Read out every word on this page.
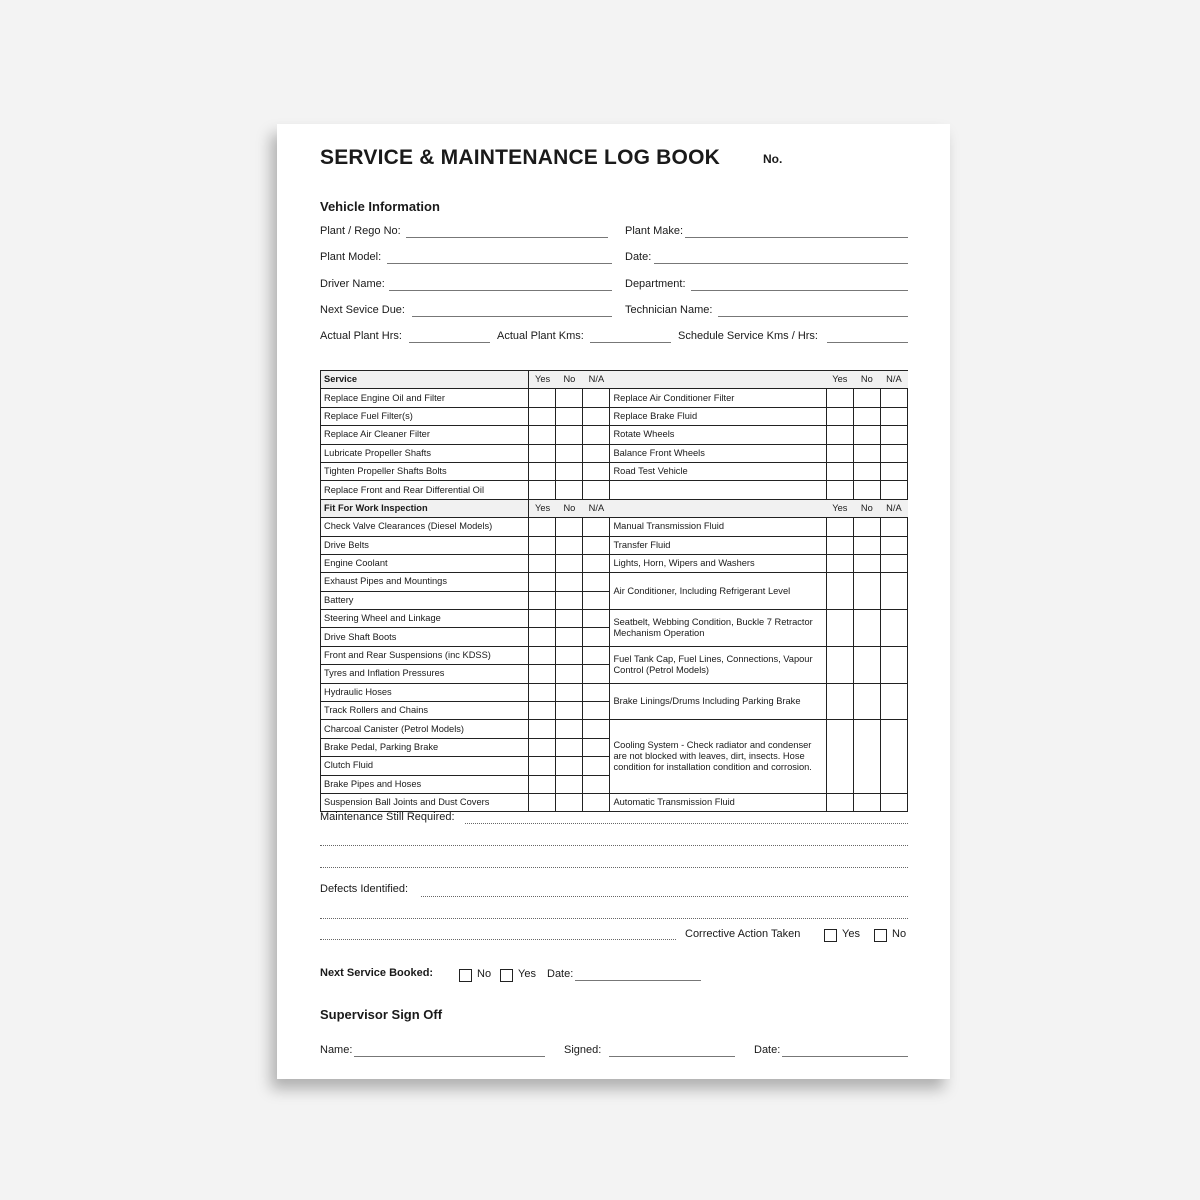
SERVICE & MAINTENANCE LOG BOOK	No.
Vehicle Information
Plant / Rego No:	Plant Make:
Plant Model:	Date:
Driver Name:	Department:
Next Sevice Due:	Technician Name:
Actual Plant Hrs:	Actual Plant Kms:	Schedule Service Kms / Hrs:
Service	Yes	No	N/A		Yes	No	N/A
Replace Engine Oil and Filter				Replace Air Conditioner Filter			
Replace Fuel Filter(s)				Replace Brake Fluid			
Replace Air Cleaner Filter				Rotate Wheels			
Lubricate Propeller Shafts				Balance Front Wheels			
Tighten Propeller Shafts Bolts				Road Test Vehicle			
Replace Front and Rear Differential Oil							
Fit For Work Inspection	Yes	No	N/A		Yes	No	N/A
Check Valve Clearances (Diesel Models)				Manual Transmission Fluid			
Drive Belts				Transfer Fluid			
Engine Coolant				Lights, Horn, Wipers and Washers			
Exhaust Pipes and Mountings				Air Conditioner, Including Refrigerant Level			
Battery							
Steering Wheel and Linkage				Seatbelt, Webbing Condition, Buckle 7 Retractor Mechanism Operation			
Drive Shaft Boots							
Front and Rear Suspensions (inc KDSS)				Fuel Tank Cap, Fuel Lines, Connections, Vapour Control (Petrol Models)			
Tyres and Inflation Pressures							
Hydraulic Hoses				Brake Linings/Drums Including Parking Brake			
Track Rollers and Chains							
Charcoal Canister (Petrol Models)				Cooling System - Check radiator and condenser are not blocked with leaves, dirt, insects. Hose condition for installation condition and corrosion.			
Brake Pedal, Parking Brake							
Clutch Fluid							
Brake Pipes and Hoses							
Suspension Ball Joints and Dust Covers				Automatic Transmission Fluid			
Maintenance Still Required:
Defects Identified:
Corrective Action Taken	Yes	No
Next Service Booked:	No Yes Date:
Supervisor Sign Off
Name:	Signed:	Date:
